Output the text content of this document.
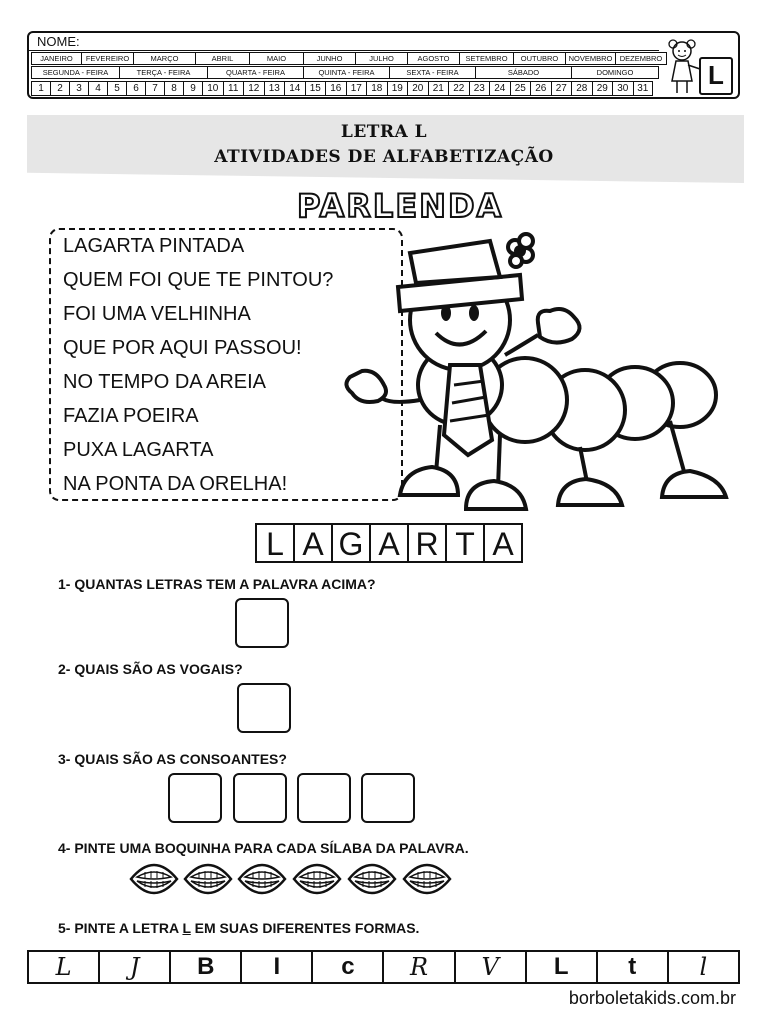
NOME:
JANEIRO	FEVEREIRO	MARÇO	ABRIL	MAIO	JUNHO	JULHO	AGOSTO	SETEMBRO	OUTUBRO	NOVEMBRO DEZEMBRO
SEGUNDA - FEIRA	TERÇA - FEIRA	QUARTA - FEIRA	QUINTA - FEIRA	SEXTA - FEIRA	SÁBADO	DOMINGO
1	2	3	4	5	6	7	8	9	10 11 12 13 14 15 16 17 18 19 20 21 22 23 24 25 26 27 28 29 30 31	L
LETRA L
ATIVIDADES DE ALFABETIZAÇÃO
PARLENDA
LAGARTA PINTADA
QUEM FOI QUE TE PINTOU?
FOI UMA VELHINHA
QUE POR AQUI PASSOU!
NO TEMPO DA AREIA
FAZIA POEIRA
PUXA LAGARTA
NA PONTA DA ORELHA!
L A G A R T A
1- QUANTAS LETRAS TEM A PALAVRA ACIMA?
2- QUAIS SÃO AS VOGAIS?
3- QUAIS SÃO AS CONSOANTES?
4- PINTE UMA BOQUINHA PARA CADA SÍLABA DA PALAVRA.
5- PINTE A LETRA L EM SUAS DIFERENTES FORMAS.
L	J	B	I	c	R	V	L	t	l
borboletakids.com.br
